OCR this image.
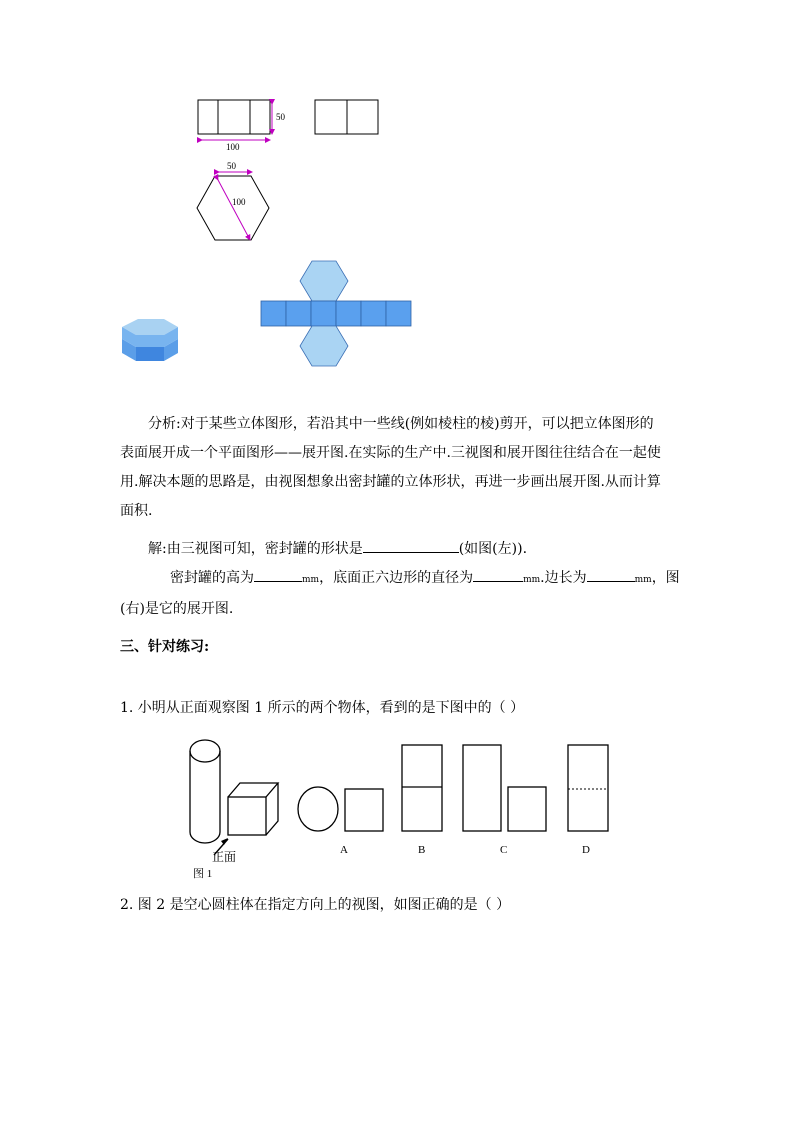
50
100
50
100
分析:对于某些立体图形，若沿其中一些线(例如棱柱的棱)剪开，可以把立体图形的
表面展开成一个平面图形——展开图.在实际的生产中.三视图和展开图往往结合在一起使
用.解决本题的思路是，由视图想象出密封罐的立体形状，再进一步画出展开图.从而计算
面积.
解:由三视图可知，密封罐的形状是	(如图(左)).
密封罐的高为	mm，底面正六边形的直径为	mm.边长为	mm，图
(右)是它的展开图.
三、针对练习:
1. 小明从正面观察图 1 所示的两个物体，看到的是下图中的（ ）
正面
图 1
A	B	C	D
2. 图 2 是空心圆柱体在指定方向上的视图，如图正确的是（ ）
